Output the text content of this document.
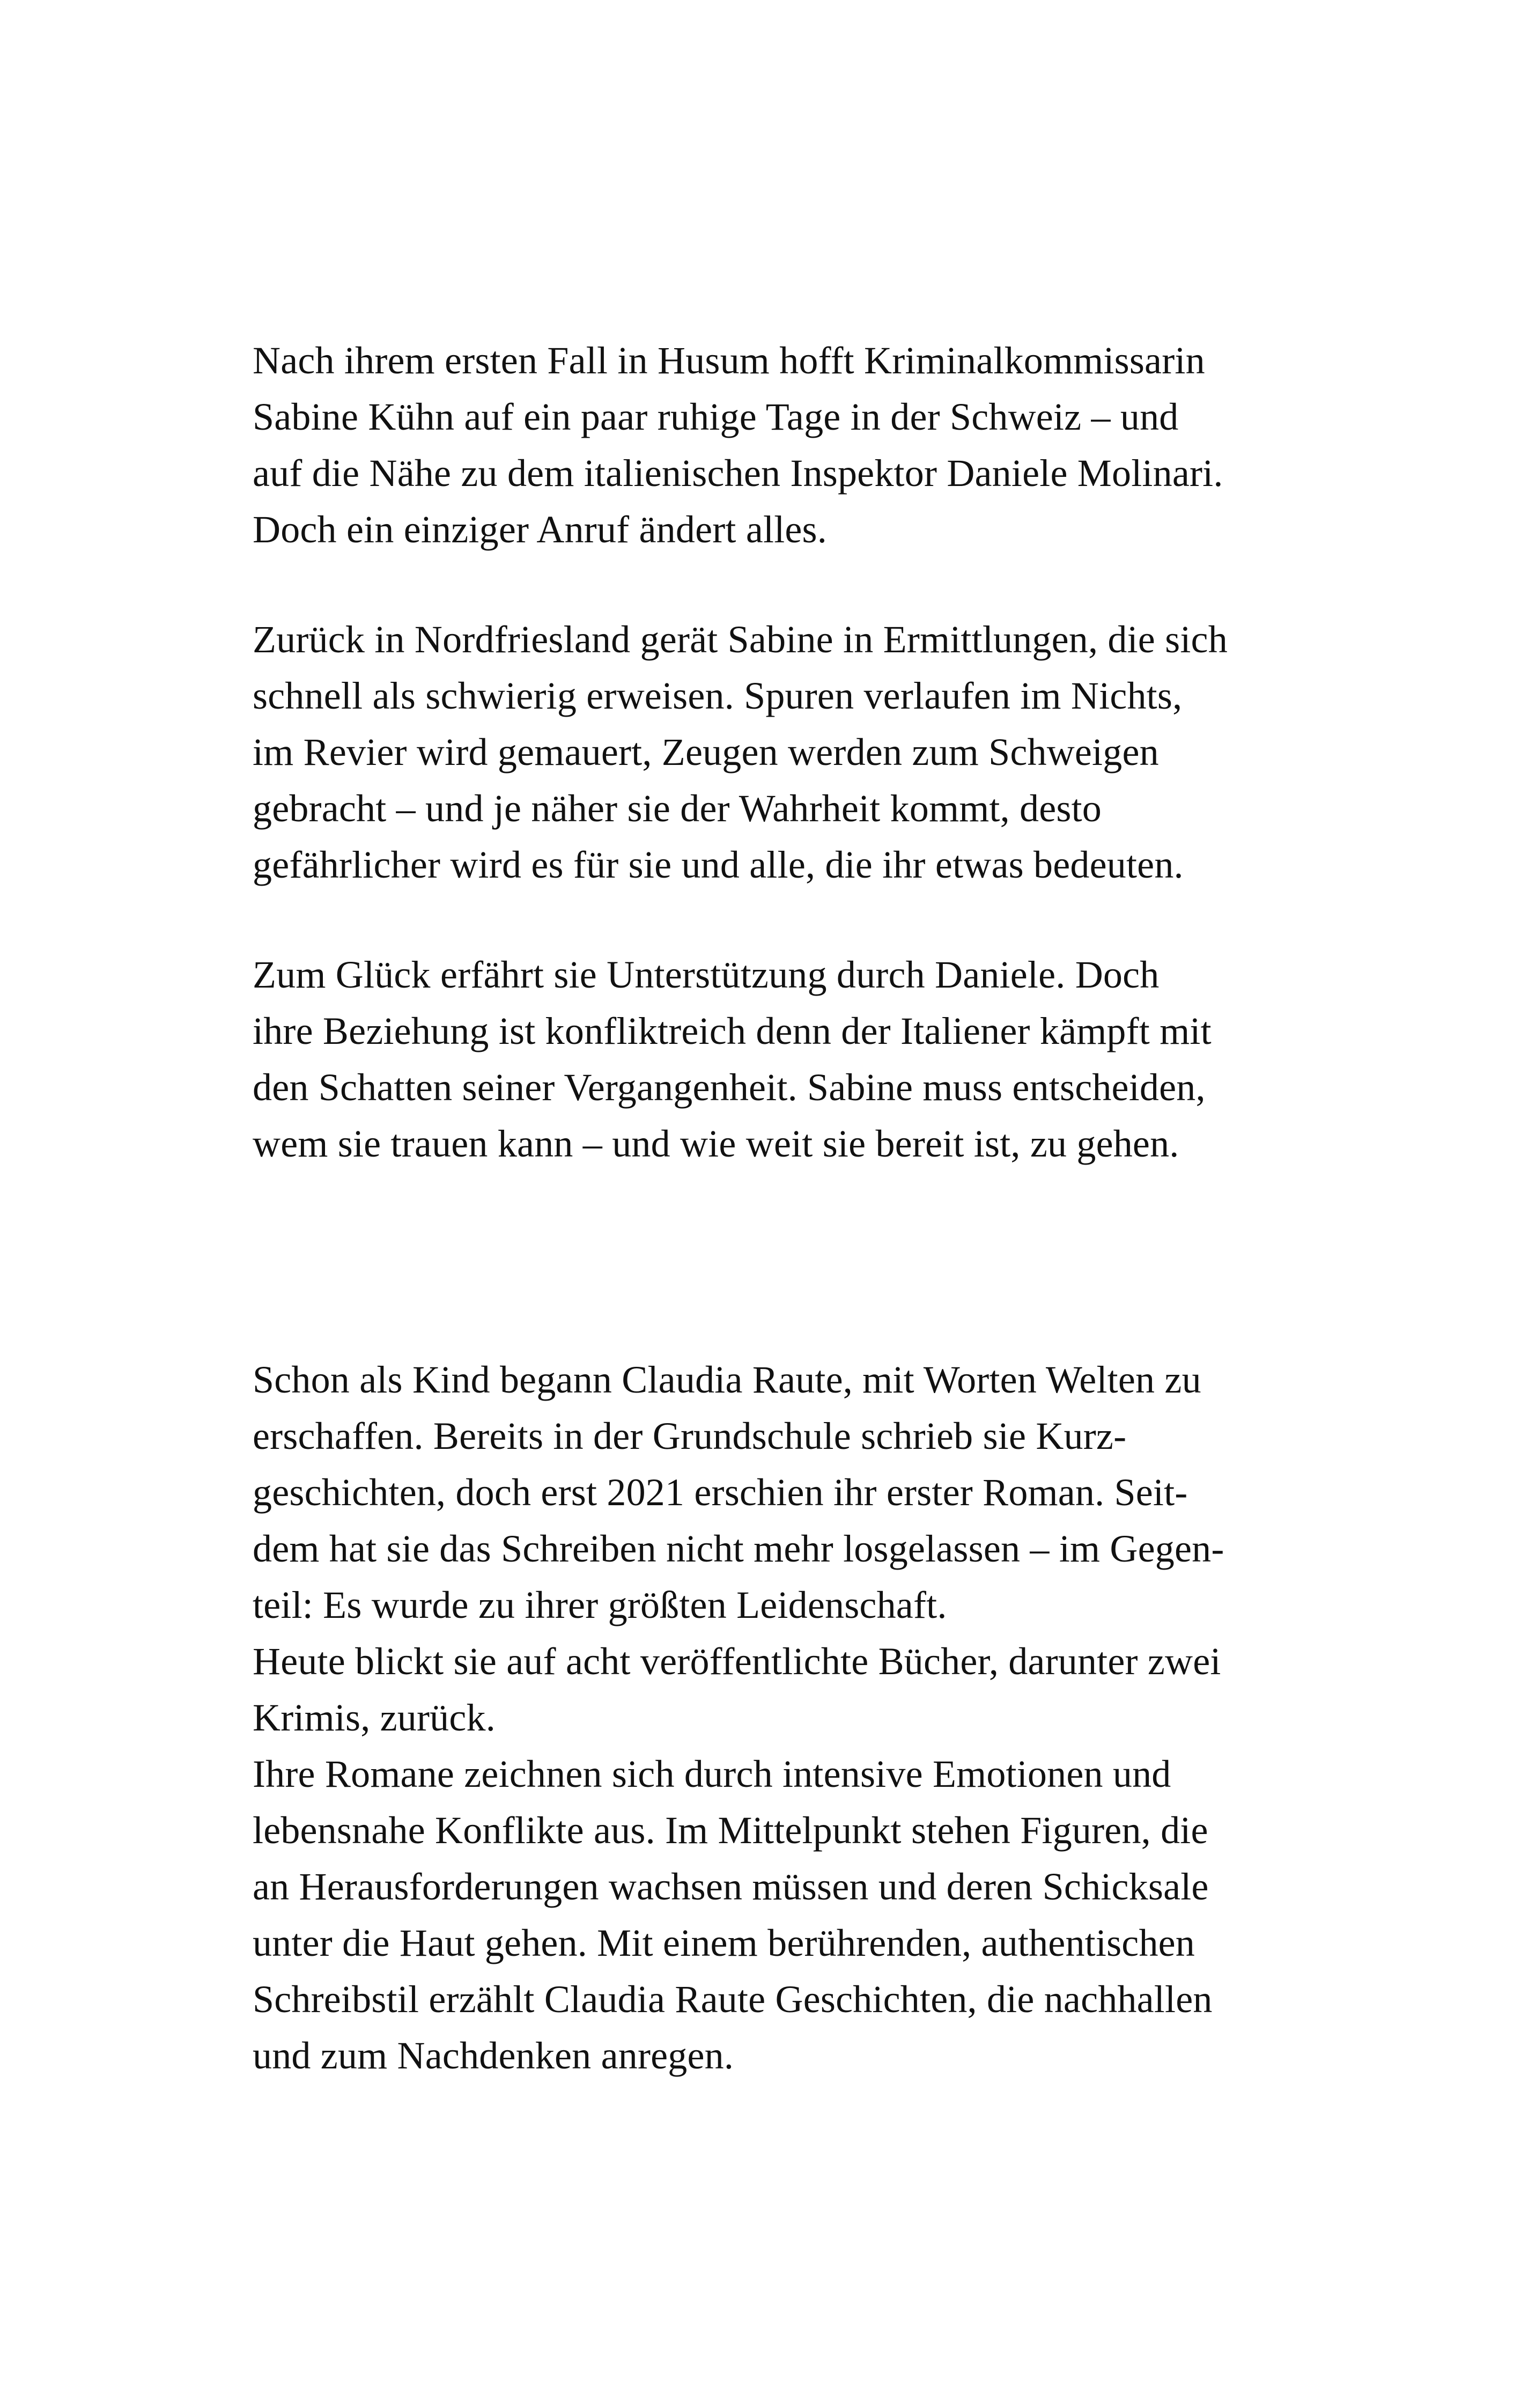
Nach ihrem ersten Fall in Husum hofft Kriminalkommissarin
Sabine Kühn auf ein paar ruhige Tage in der Schweiz – und
auf die Nähe zu dem italienischen Inspektor Daniele Molinari.
Doch ein einziger Anruf ändert alles.
Zurück in Nordfriesland gerät Sabine in Ermittlungen, die sich
schnell als schwierig erweisen. Spuren verlaufen im Nichts,
im Revier wird gemauert, Zeugen werden zum Schweigen
gebracht – und je näher sie der Wahrheit kommt, desto
gefährlicher wird es für sie und alle, die ihr etwas bedeuten.
Zum Glück erfährt sie Unterstützung durch Daniele. Doch
ihre Beziehung ist konfliktreich denn der Italiener kämpft mit
den Schatten seiner Vergangenheit. Sabine muss entscheiden,
wem sie trauen kann – und wie weit sie bereit ist, zu gehen.
Schon als Kind begann Claudia Raute, mit Worten Welten zu
erschaffen. Bereits in der Grundschule schrieb sie Kurz-
geschichten, doch erst 2021 erschien ihr erster Roman. Seit-
dem hat sie das Schreiben nicht mehr losgelassen – im Gegen-
teil: Es wurde zu ihrer größten Leidenschaft.
Heute blickt sie auf acht veröffentlichte Bücher, darunter zwei
Krimis, zurück.
Ihre Romane zeichnen sich durch intensive Emotionen und
lebensnahe Konflikte aus. Im Mittelpunkt stehen Figuren, die
an Herausforderungen wachsen müssen und deren Schicksale
unter die Haut gehen. Mit einem berührenden, authentischen
Schreibstil erzählt Claudia Raute Geschichten, die nachhallen
und zum Nachdenken anregen.
